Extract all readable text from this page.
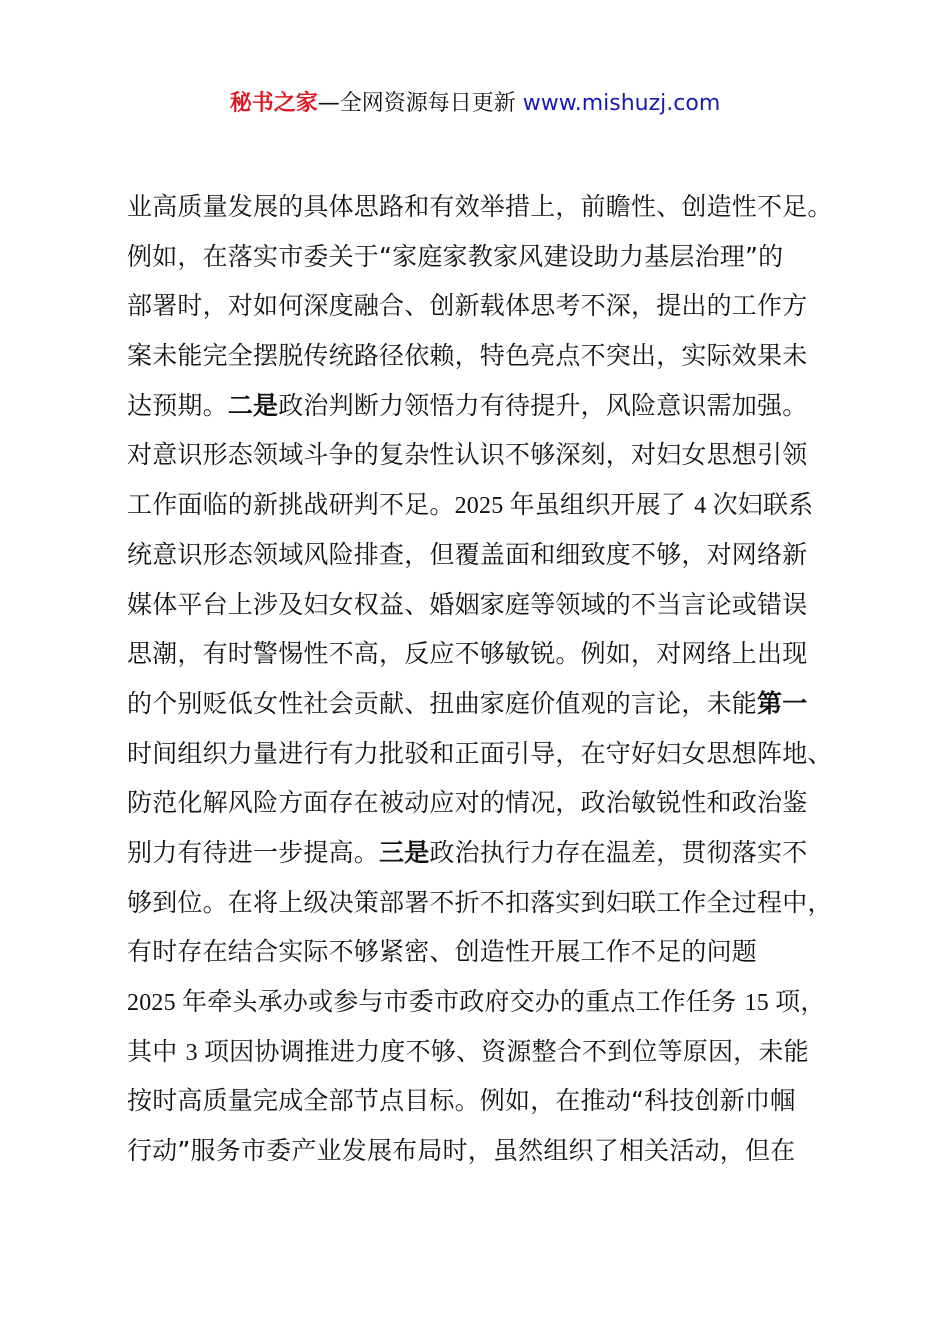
秘书之家—全网资源每日更新 www.mishuzj.com
业高质量发展的具体思路和有效举措上，前瞻性、创造性不足。
例如，在落实市委关于“家庭家教家风建设助力基层治理”的
部署时，对如何深度融合、创新载体思考不深，提出的工作方
案未能完全摆脱传统路径依赖，特色亮点不突出，实际效果未
达预期。二是政治判断力领悟力有待提升，风险意识需加强。
对意识形态领域斗争的复杂性认识不够深刻，对妇女思想引领
工作面临的新挑战研判不足。2025 年虽组织开展了 4 次妇联系
统意识形态领域风险排查，但覆盖面和细致度不够，对网络新
媒体平台上涉及妇女权益、婚姻家庭等领域的不当言论或错误
思潮，有时警惕性不高，反应不够敏锐。例如，对网络上出现
的个别贬低女性社会贡献、扭曲家庭价值观的言论，未能第一
时间组织力量进行有力批驳和正面引导，在守好妇女思想阵地、
防范化解风险方面存在被动应对的情况，政治敏锐性和政治鉴
别力有待进一步提高。三是政治执行力存在温差，贯彻落实不
够到位。在将上级决策部署不折不扣落实到妇联工作全过程中，
有时存在结合实际不够紧密、创造性开展工作不足的问题
2025 年牵头承办或参与市委市政府交办的重点工作任务 15 项，
其中 3 项因协调推进力度不够、资源整合不到位等原因，未能
按时高质量完成全部节点目标。例如，在推动“科技创新巾帼
行动”服务市委产业发展布局时，虽然组织了相关活动，但在
